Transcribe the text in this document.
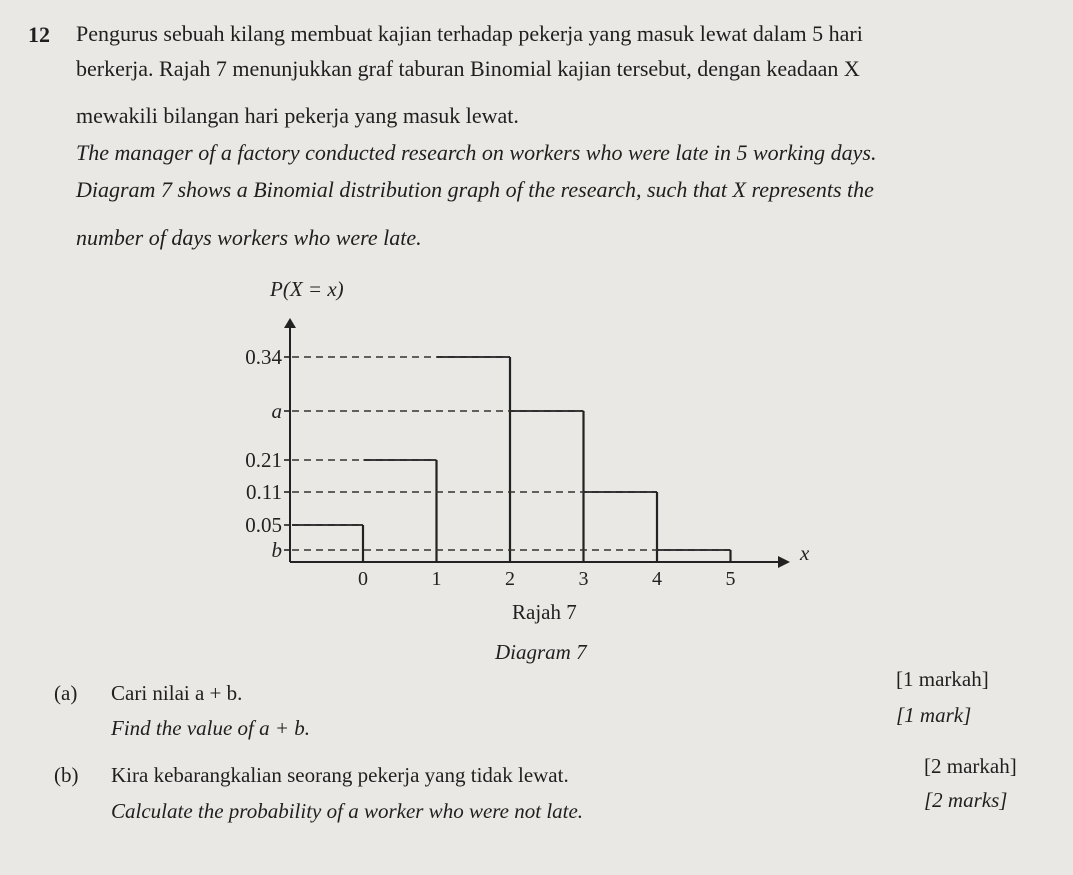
12 Pengurus sebuah kilang membuat kajian terhadap pekerja yang masuk lewat dalam 5 hari
berkerja. Rajah 7 menunjukkan graf taburan Binomial kajian tersebut, dengan keadaan X
mewakili bilangan hari pekerja yang masuk lewat.
The manager of a factory conducted research on workers who were late in 5 working days.
Diagram 7 shows a Binomial distribution graph of the research, such that X represents the
number of days workers who were late.
P(X = x)
x
0.34
a
0.21
0.11
0.05
b
0	1	2	3	4	5
Rajah 7
Diagram 7
(a) Cari nilai a + b.
Find the value of a + b.
[1 markah]
[1 mark]
(b) Kira kebarangkalian seorang pekerja yang tidak lewat.
Calculate the probability of a worker who were not late.
[2 markah]
[2 marks]
